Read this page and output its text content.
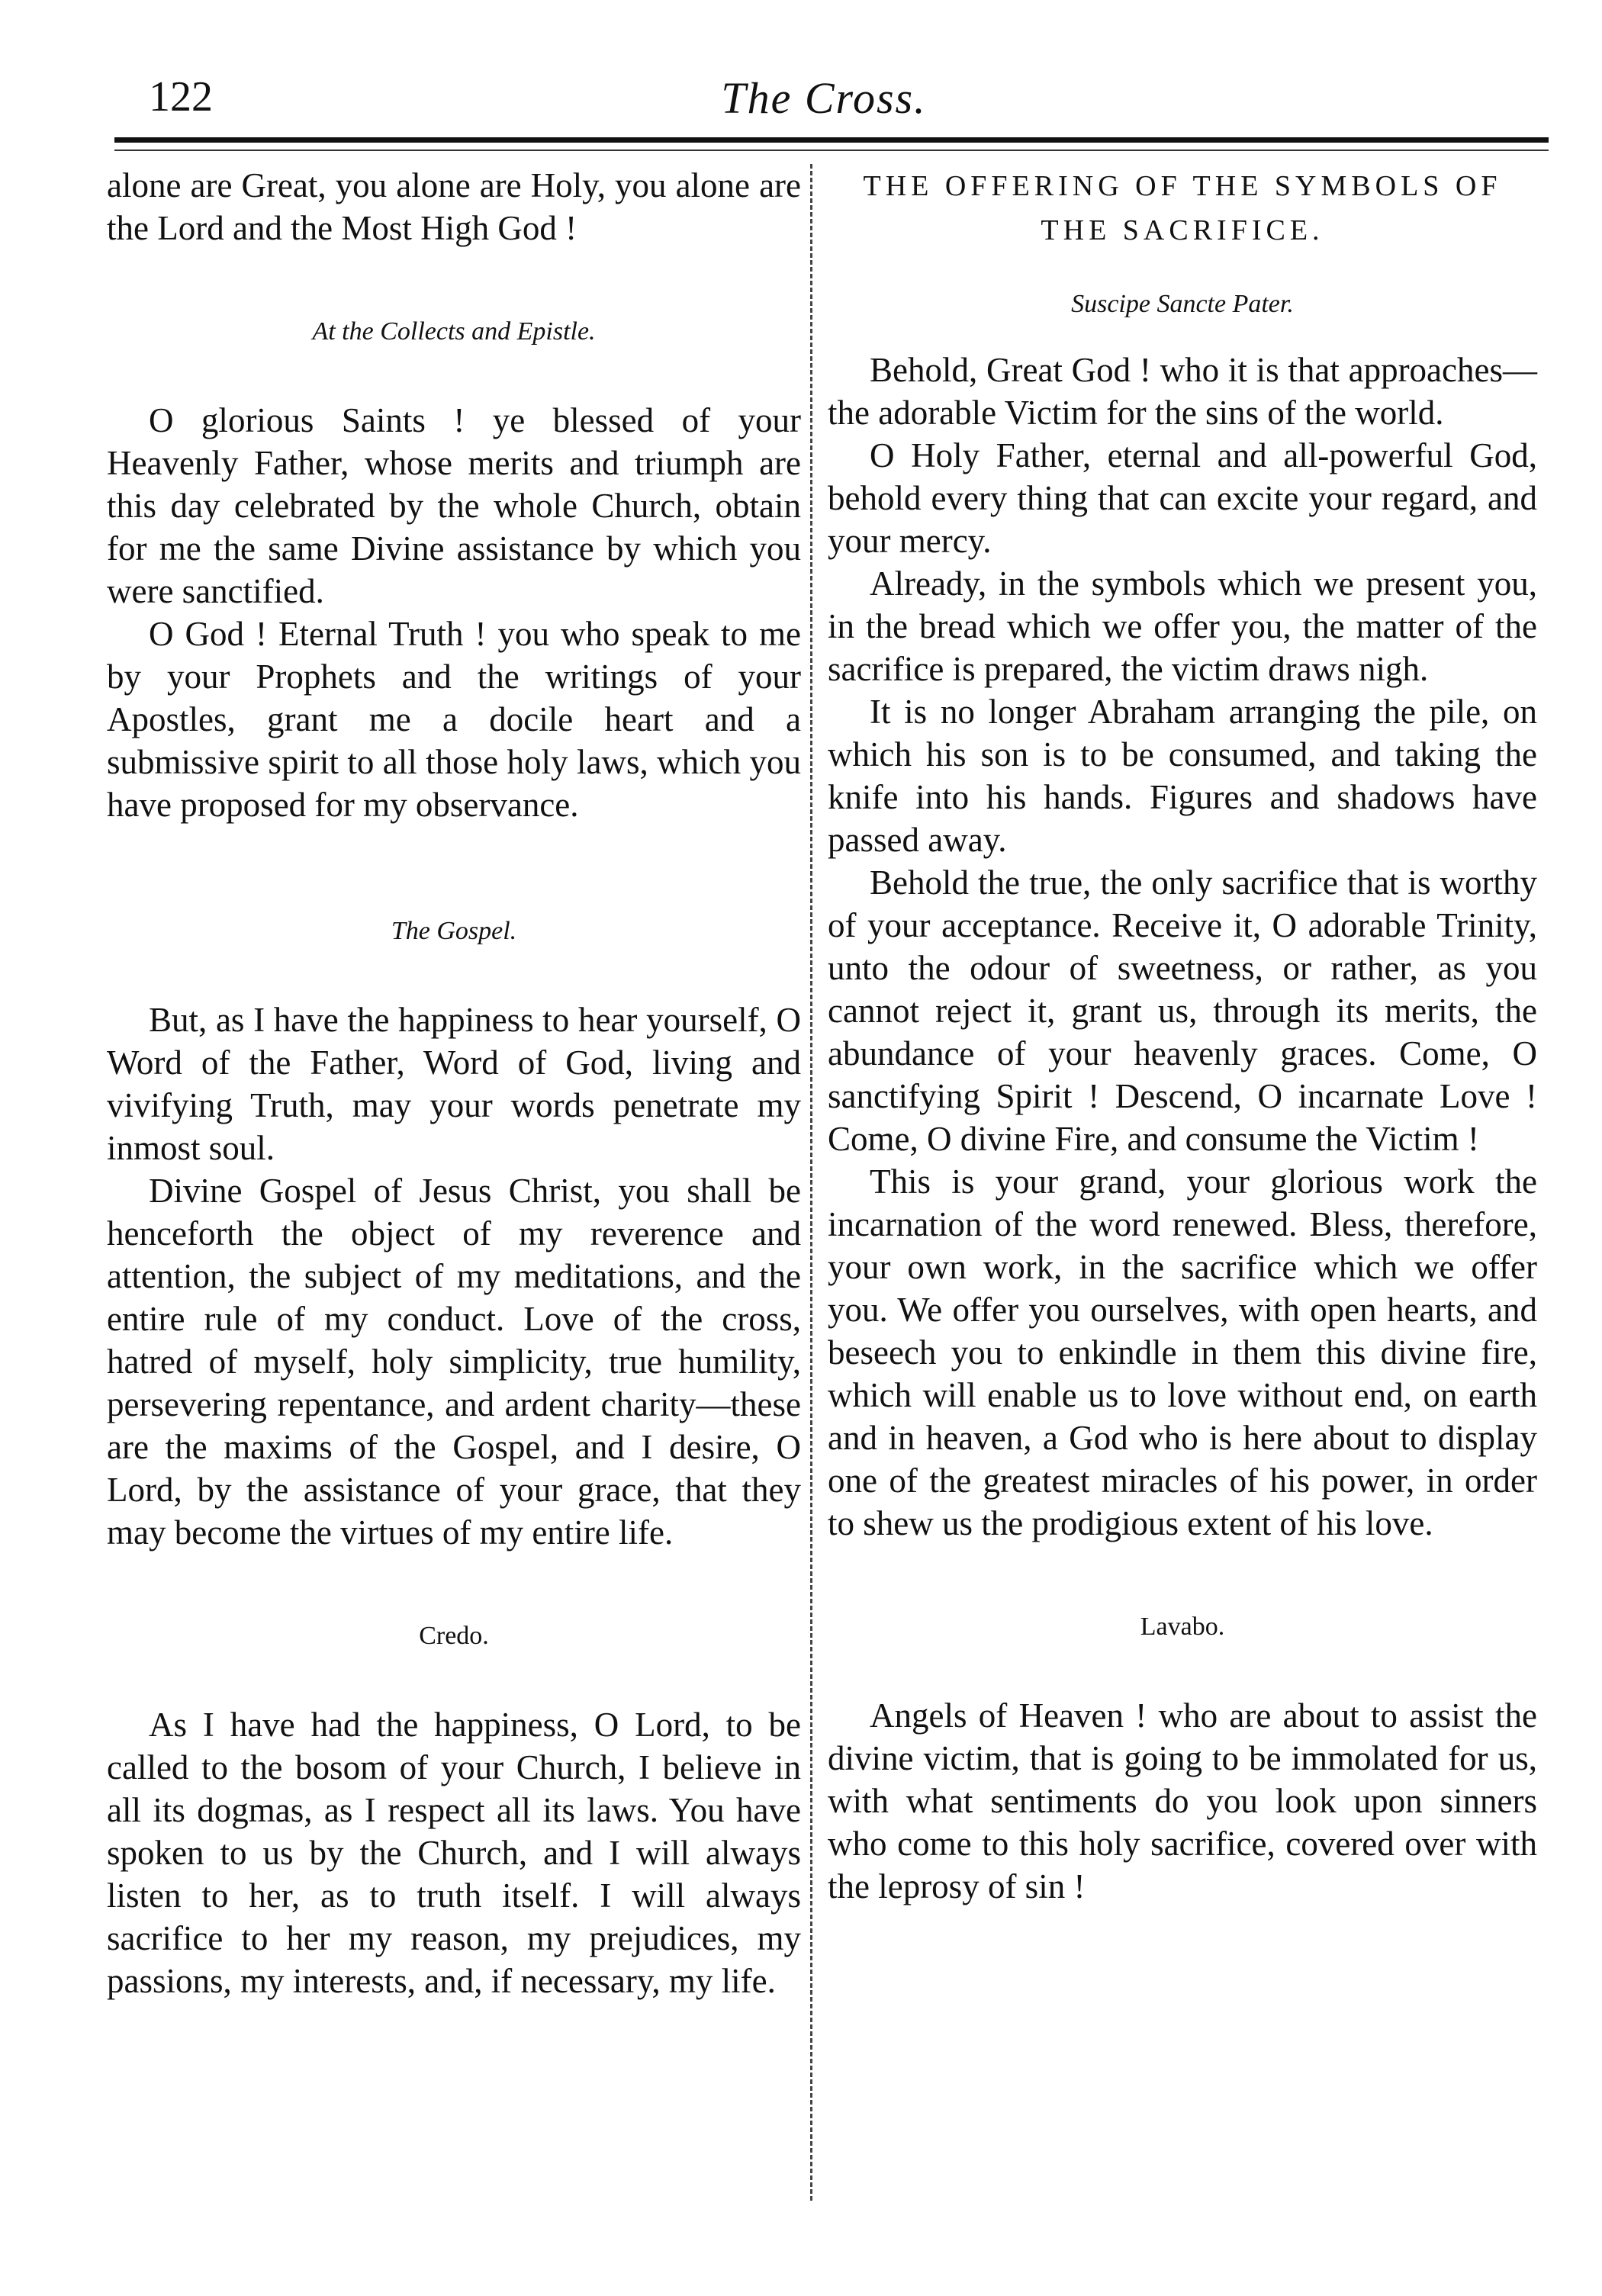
122	The Cross.

alone are Great, you alone are Holy, you alone are the Lord and the Most High God !

At the Collects and Epistle.

O glorious Saints ! ye blessed of your Heavenly Father, whose merits and triumph are this day celebrated by the whole Church, obtain for me the same Divine assistance by which you were sanctified.

O God ! Eternal Truth ! you who speak to me by your Prophets and the writings of your Apostles, grant me a docile heart and a submissive spirit to all those holy laws, which you have proposed for my observance.

The Gospel.

But, as I have the happiness to hear yourself, O Word of the Father, Word of God, living and vivifying Truth, may your words penetrate my inmost soul.

Divine Gospel of Jesus Christ, you shall be henceforth the object of my reverence and attention, the subject of my meditations, and the entire rule of my conduct. Love of the cross, hatred of myself, holy simplicity, true humility, persevering repentance, and ardent charity—these are the maxims of the Gospel, and I desire, O Lord, by the assistance of your grace, that they may become the virtues of my entire life.

Credo.

As I have had the happiness, O Lord, to be called to the bosom of your Church, I believe in all its dogmas, as I respect all its laws. You have spoken to us by the Church, and I will always listen to her, as to truth itself. I will always sacrifice to her my reason, my prejudices, my passions, my interests, and, if necessary, my life.

THE OFFERING OF THE SYMBOLS OF THE SACRIFICE.
Suscipe Sancte Pater.

Behold, Great God ! who it is that approaches—the adorable Victim for the sins of the world.

O Holy Father, eternal and all-powerful God, behold every thing that can excite your regard, and your mercy.

Already, in the symbols which we present you, in the bread which we offer you, the matter of the sacrifice is prepared, the victim draws nigh.

It is no longer Abraham arranging the pile, on which his son is to be consumed, and taking the knife into his hands. Figures and shadows have passed away.

Behold the true, the only sacrifice that is worthy of your acceptance. Receive it, O adorable Trinity, unto the odour of sweetness, or rather, as you cannot reject it, grant us, through its merits, the abundance of your heavenly graces. Come, O sanctifying Spirit ! Descend, O incarnate Love ! Come, O divine Fire, and consume the Victim !

This is your grand, your glorious work the incarnation of the word renewed. Bless, therefore, your own work, in the sacrifice which we offer you. We offer you ourselves, with open hearts, and beseech you to enkindle in them this divine fire, which will enable us to love without end, on earth and in heaven, a God who is here about to display one of the greatest miracles of his power, in order to shew us the prodigious extent of his love.

Lavabo.

Angels of Heaven ! who are about to assist the divine victim, that is going to be immolated for us, with what sentiments do you look upon sinners who come to this holy sacrifice, covered over with the leprosy of sin !
